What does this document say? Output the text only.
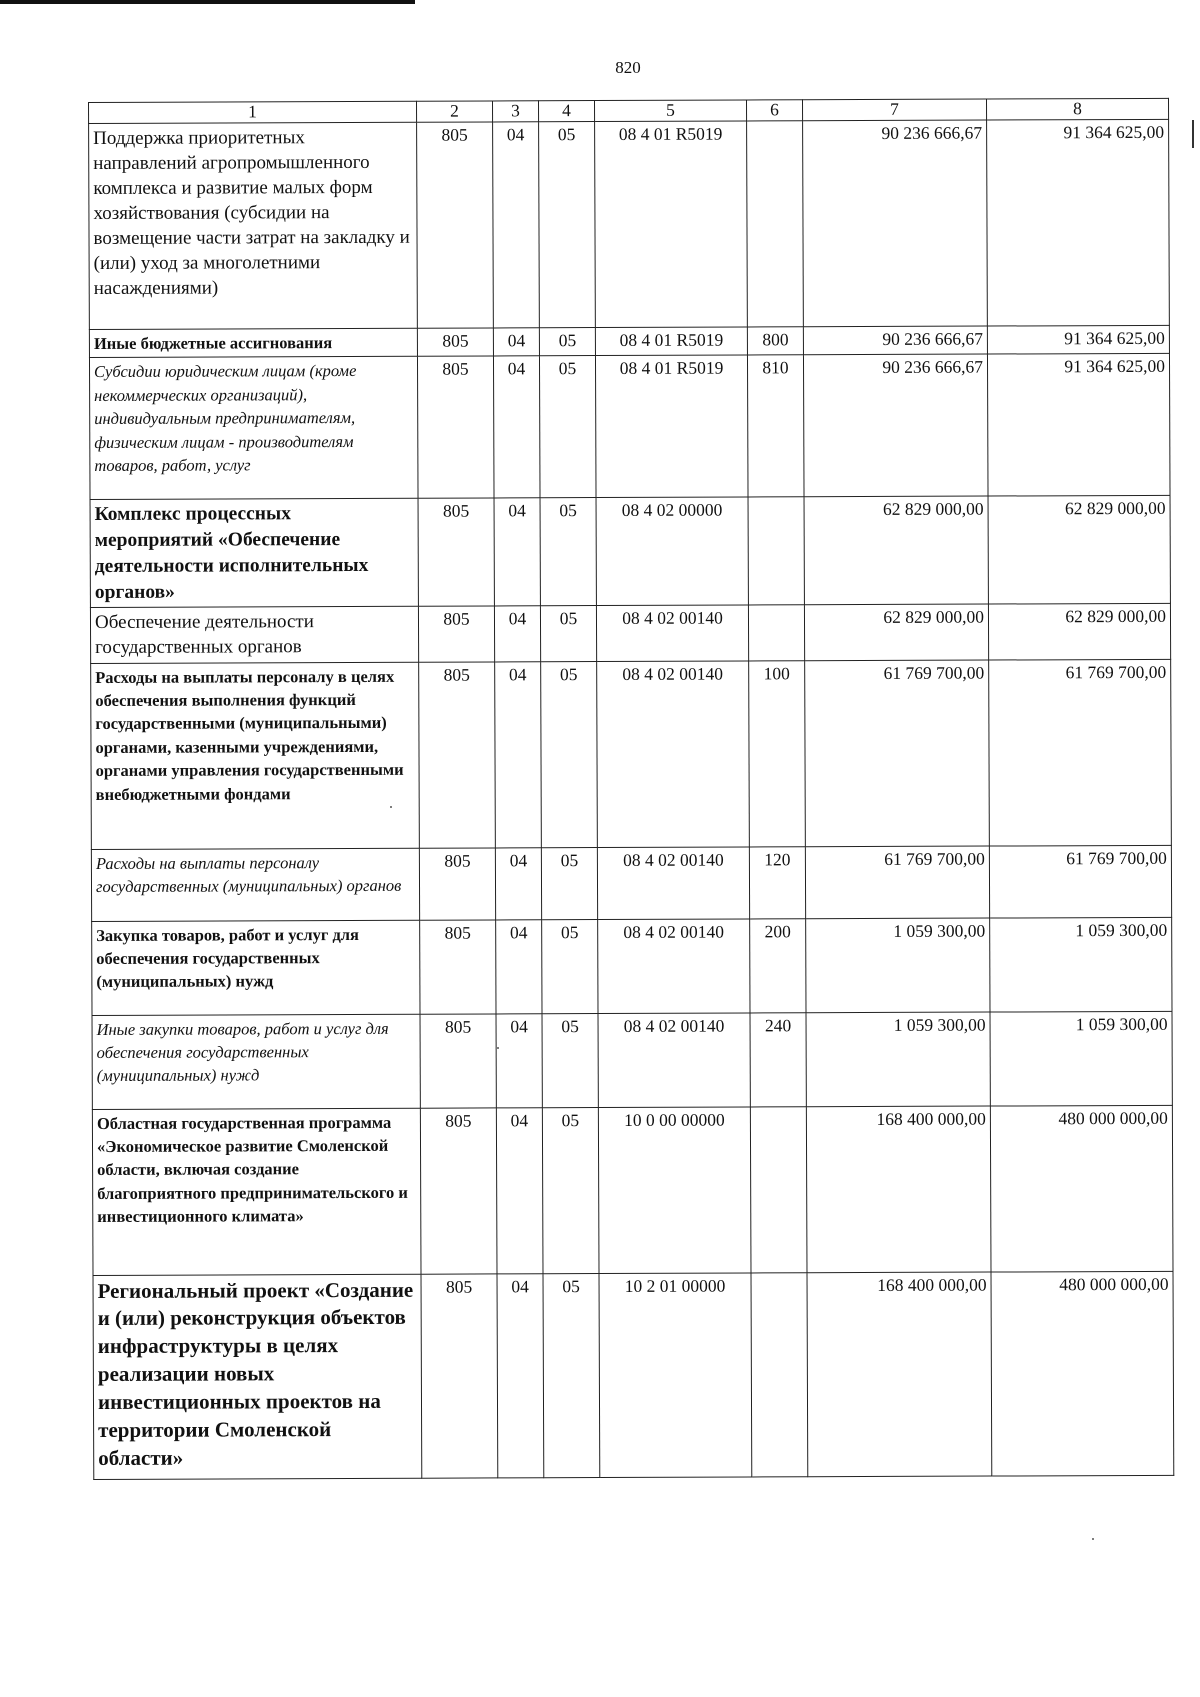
820
1	2	3	4	5	6	7	8
Поддержка приоритетных направлений агропромышленного комплекса и развитие малых форм хозяйствования (субсидии на возмещение части затрат на закладку и (или) уход за многолетними насаждениями)	805	04	05	08 4 01 R5019		90 236 666,67	91 364 625,00
Иные бюджетные ассигнования	805	04	05	08 4 01 R5019	800	90 236 666,67	91 364 625,00
Субсидии юридическим лицам (кроме некоммерческих организаций), индивидуальным предпринимателям, физическим лицам - производителям товаров, работ, услуг	805	04	05	08 4 01 R5019	810	90 236 666,67	91 364 625,00
Комплекс процессных мероприятий «Обеспечение деятельности исполнительных органов»	805	04	05	08 4 02 00000		62 829 000,00	62 829 000,00
Обеспечение деятельности государственных органов	805	04	05	08 4 02 00140		62 829 000,00	62 829 000,00
Расходы на выплаты персоналу в целях обеспечения выполнения функций государственными (муниципальными) органами, казенными учреждениями, органами управления государственными внебюджетными фондами	805	04	05	08 4 02 00140	100	61 769 700,00	61 769 700,00
Расходы на выплаты персоналу государственных (муниципальных) органов	805	04	05	08 4 02 00140	120	61 769 700,00	61 769 700,00
Закупка товаров, работ и услуг для обеспечения государственных (муниципальных) нужд	805	04	05	08 4 02 00140	200	1 059 300,00	1 059 300,00
Иные закупки товаров, работ и услуг для обеспечения государственных (муниципальных) нужд	805	04	05	08 4 02 00140	240	1 059 300,00	1 059 300,00
Областная государственная программа «Экономическое развитие Смоленской области, включая создание благоприятного предпринимательского и инвестиционного климата»	805	04	05	10 0 00 00000		168 400 000,00	480 000 000,00
Региональный проект «Создание и (или) реконструкция объектов инфраструктуры в целях реализации новых инвестиционных проектов на территории Смоленской области»	805	04	05	10 2 01 00000		168 400 000,00	480 000 000,00
